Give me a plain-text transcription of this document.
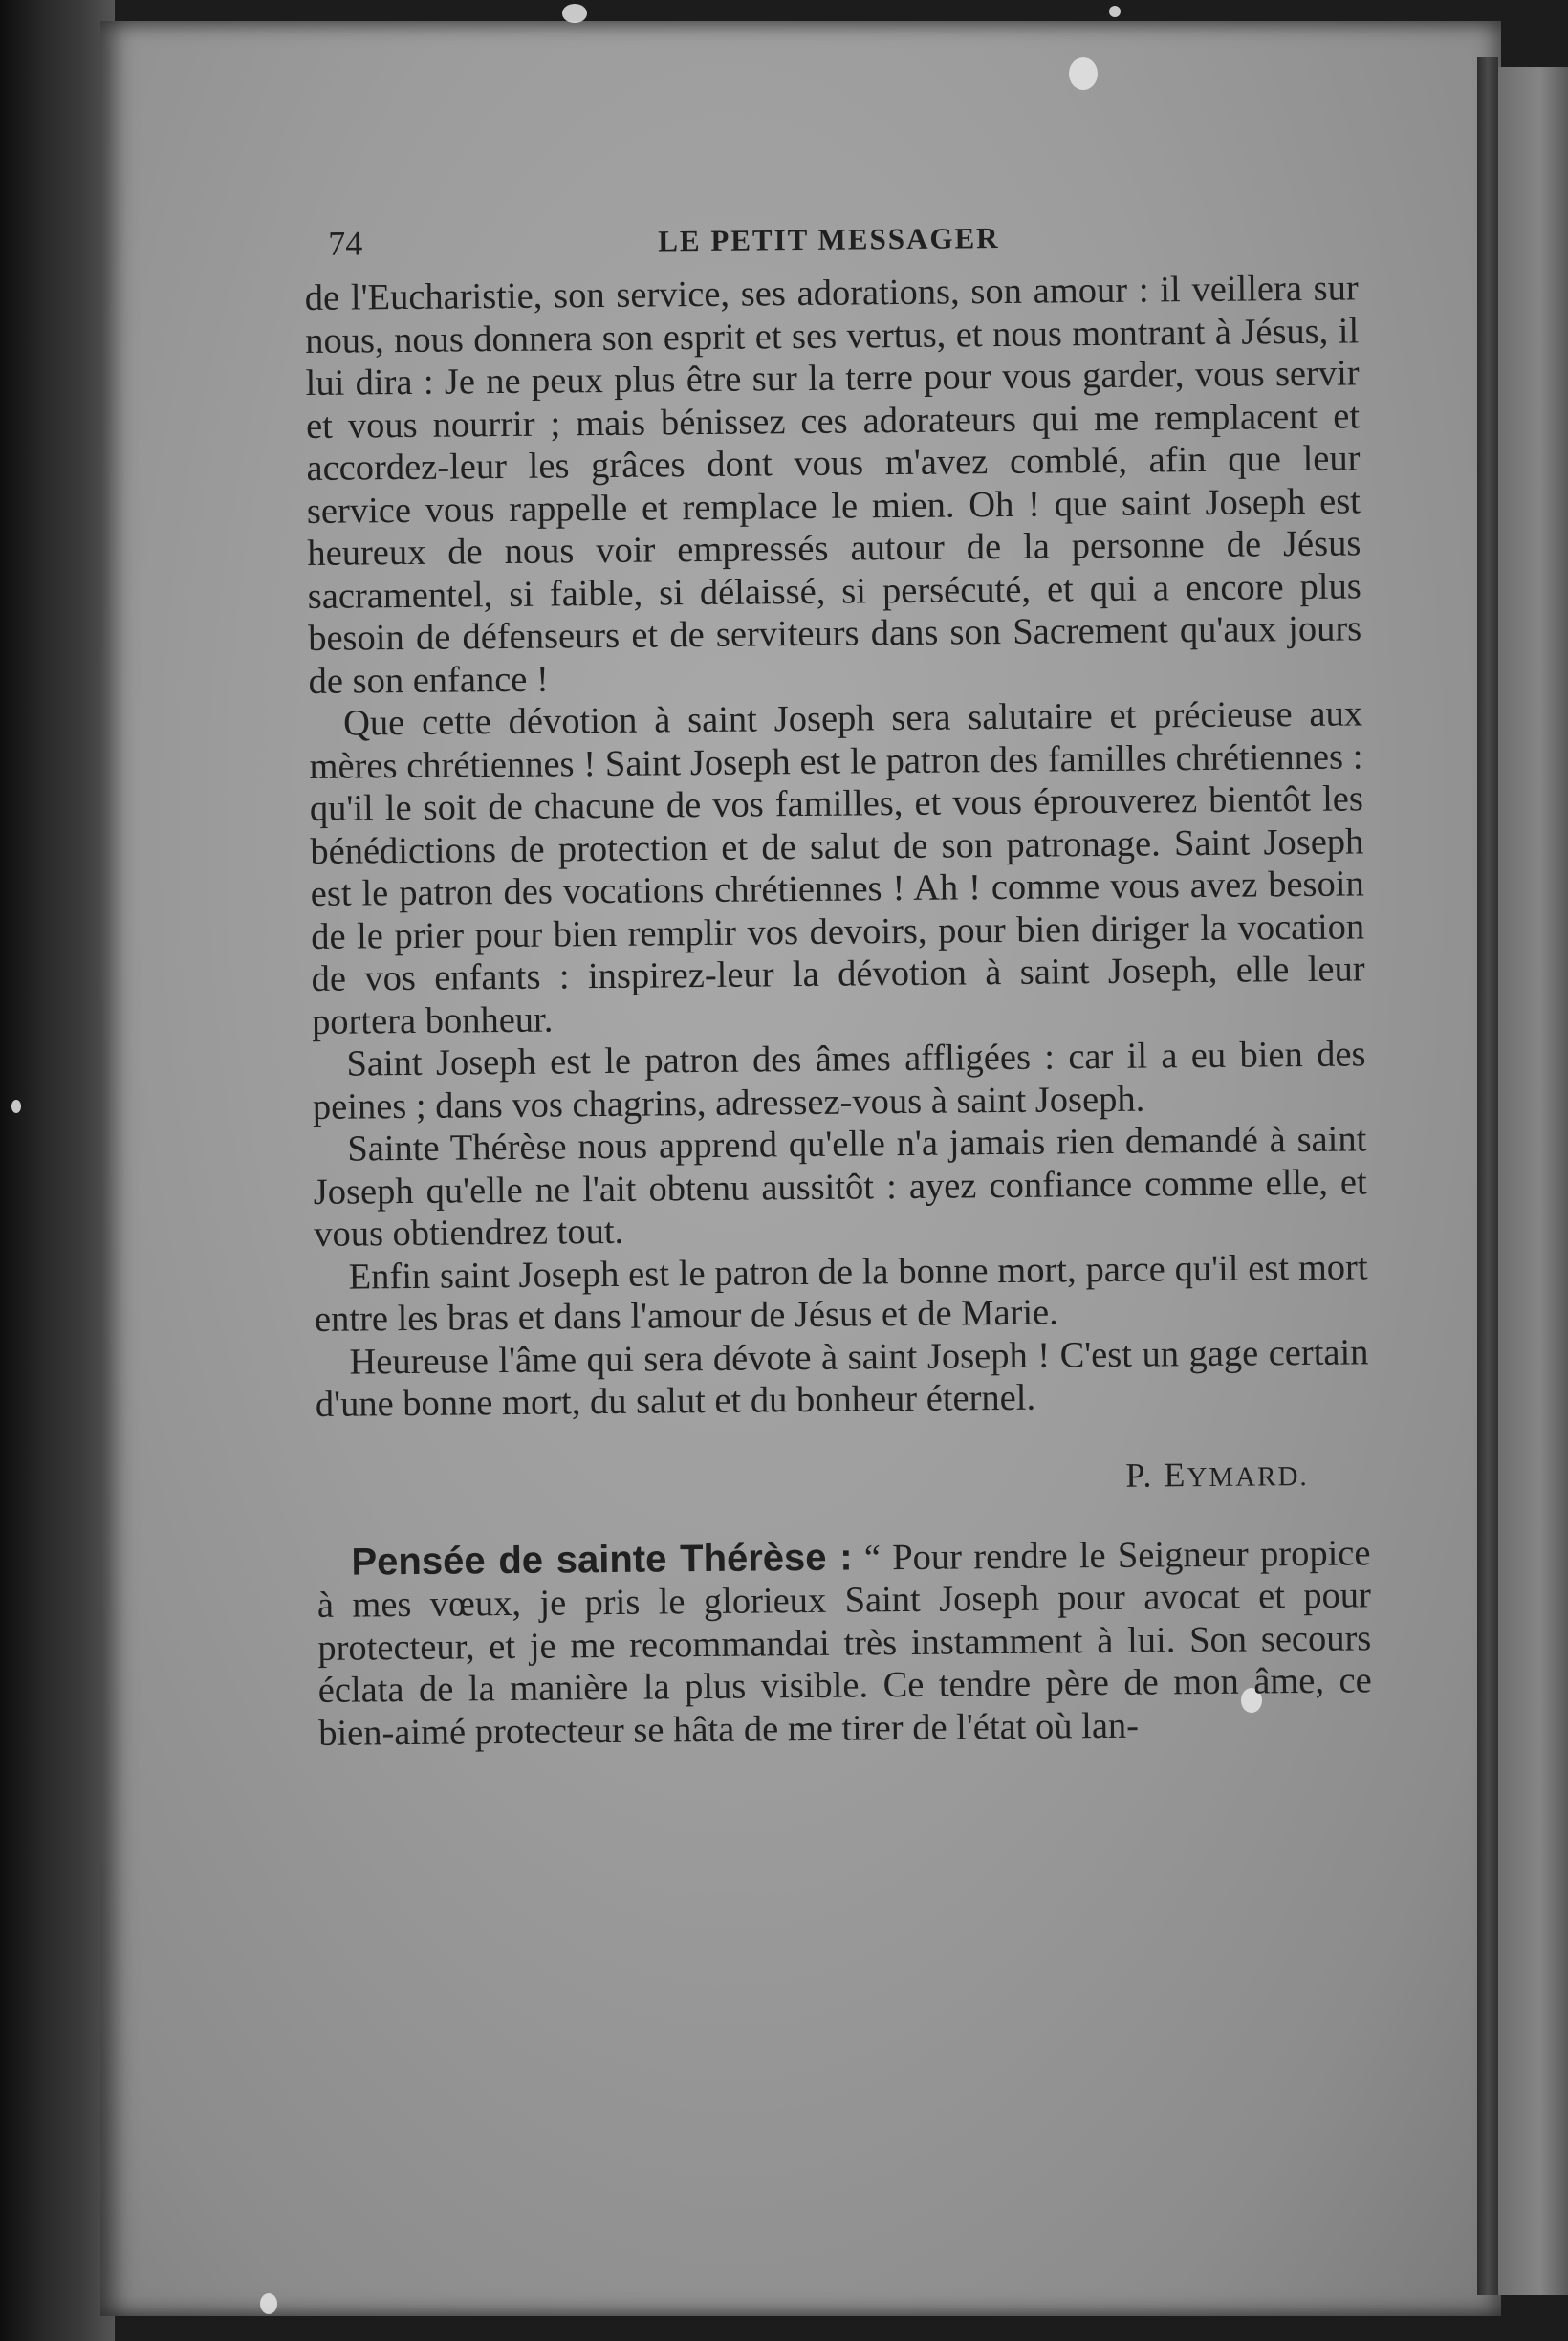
74	LE PETIT MESSAGER

de l'Eucharistie, son service, ses adorations, son amour : il veillera sur nous, nous donnera son esprit et ses vertus, et nous montrant à Jésus, il lui dira : Je ne peux plus être sur la terre pour vous garder, vous servir et vous nourrir ; mais bénissez ces adorateurs qui me remplacent et accordez-leur les grâces dont vous m'avez comblé, afin que leur service vous rappelle et remplace le mien. Oh ! que saint Joseph est heureux de nous voir empressés autour de la personne de Jésus sacramentel, si faible, si délaissé, si persécuté, et qui a encore plus besoin de défenseurs et de serviteurs dans son Sacrement qu'aux jours de son enfance !

Que cette dévotion à saint Joseph sera salutaire et précieuse aux mères chrétiennes ! Saint Joseph est le patron des familles chrétiennes : qu'il le soit de chacune de vos familles, et vous éprouverez bientôt les bénédictions de protection et de salut de son patronage. Saint Joseph est le patron des vocations chrétiennes ! Ah ! comme vous avez besoin de le prier pour bien remplir vos devoirs, pour bien diriger la vocation de vos enfants : inspirez-leur la dévotion à saint Joseph, elle leur portera bonheur.

Saint Joseph est le patron des âmes affligées : car il a eu bien des peines ; dans vos chagrins, adressez-vous à saint Joseph.

Sainte Thérèse nous apprend qu'elle n'a jamais rien demandé à saint Joseph qu'elle ne l'ait obtenu aussitôt : ayez confiance comme elle, et vous obtiendrez tout.

Enfin saint Joseph est le patron de la bonne mort, parce qu'il est mort entre les bras et dans l'amour de Jésus et de Marie.

Heureuse l'âme qui sera dévote à saint Joseph ! C'est un gage certain d'une bonne mort, du salut et du bonheur éternel.

P. EYMARD.

Pensée de sainte Thérèse : “ Pour rendre le Seigneur propice à mes vœux, je pris le glorieux Saint Joseph pour avocat et pour protecteur, et je me recommandai très instamment à lui. Son secours éclata de la manière la plus visible. Ce tendre père de mon âme, ce bien-aimé protecteur se hâta de me tirer de l'état où lan-
